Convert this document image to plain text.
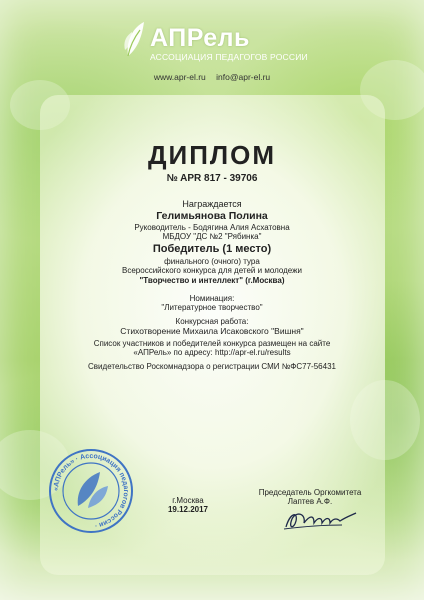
АПРель
АССОЦИАЦИЯ ПЕДАГОГОВ РОССИИ
www.apr-el.ru info@apr-el.ru
ДИПЛОМ
№ APR 817 - 39706
Награждается
Гелимьянова Полина
Руководитель - Бодягина Алия Асхатовна
МБДОУ "ДС №2 "Рябинка"
Победитель (1 место)
финального (очного) тура
Всероссийского конкурса для детей и молодежи
"Творчество и интеллект" (г.Москва)
Номинация:
"Литературное творчество"
Конкурсная работа:
Стихотворение Михаила Исаковского "Вишня"
Список участников и победителей конкурса размещен на сайте
«АПРель» по адресу: http://apr-el.ru/results
Свидетельство Роскомнадзора о регистрации СМИ №ФС77-56431
«АПРель» · Ассоциация педагогов России ·
г.Москва
19.12.2017
Председатель Оргкомитета
Лаптев А.Ф.
